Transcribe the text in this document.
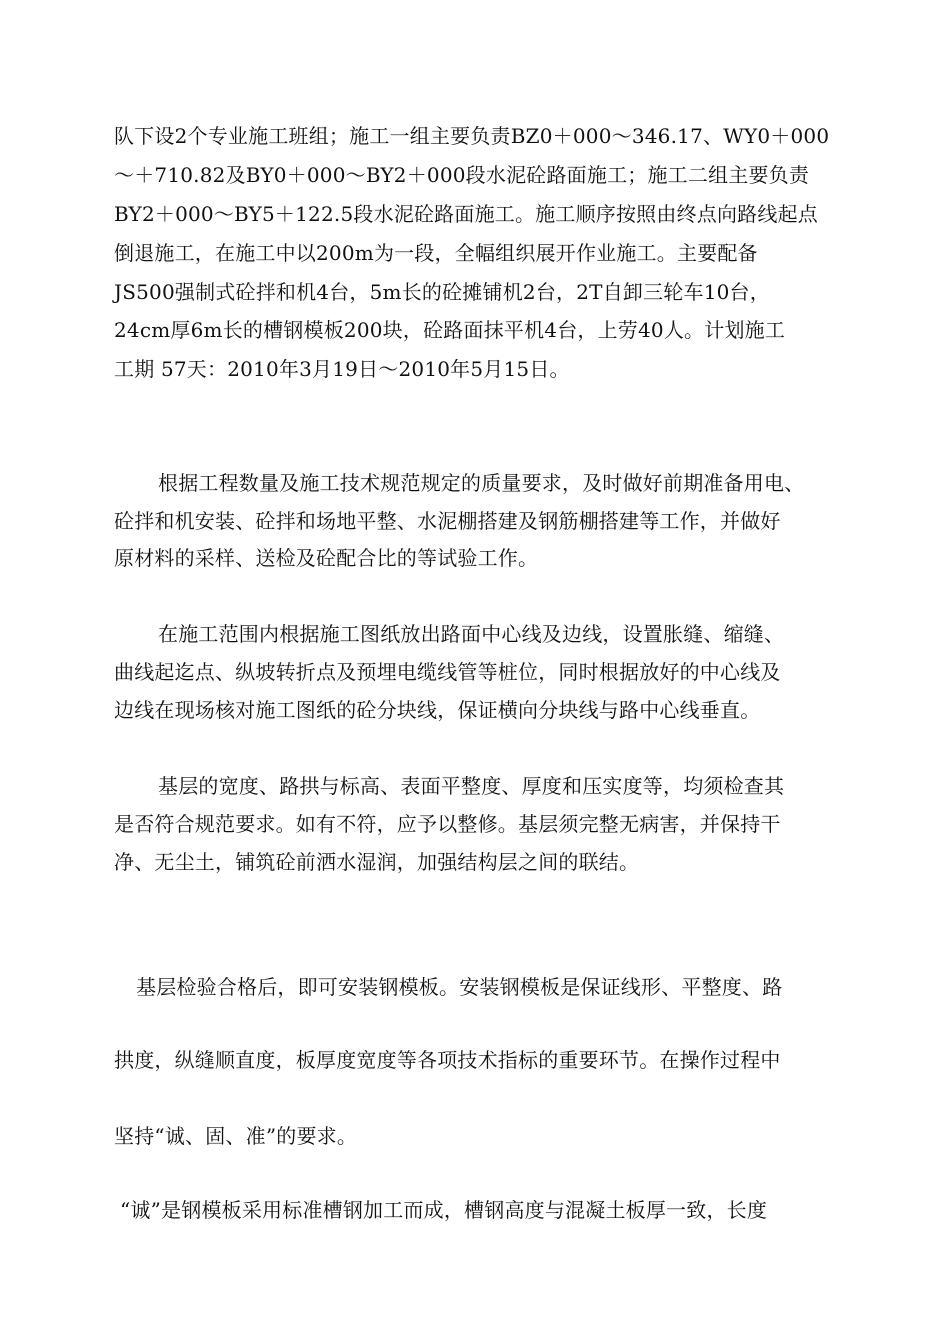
队下设2个专业施工班组；施工一组主要负责BZ0＋000～346.17、WY0＋000
～＋710.82及BY0＋000～BY2＋000段水泥砼路面施工；施工二组主要负责
BY2＋000～BY5＋122.5段水泥砼路面施工。施工顺序按照由终点向路线起点
倒退施工，在施工中以200m为一段，全幅组织展开作业施工。主要配备
JS500强制式砼拌和机4台，5m长的砼摊铺机2台，2T自卸三轮车10台，
24cm厚6m长的槽钢模板200块，砼路面抹平机4台，上劳40人。计划施工
工期 57天：2010年3月19日～2010年5月15日。
根据工程数量及施工技术规范规定的质量要求，及时做好前期准备用电、
砼拌和机安装、砼拌和场地平整、水泥棚搭建及钢筋棚搭建等工作，并做好
原材料的采样、送检及砼配合比的等试验工作。
在施工范围内根据施工图纸放出路面中心线及边线，设置胀缝、缩缝、
曲线起迄点、纵坡转折点及预埋电缆线管等桩位，同时根据放好的中心线及
边线在现场核对施工图纸的砼分块线，保证横向分块线与路中心线垂直。
基层的宽度、路拱与标高、表面平整度、厚度和压实度等，均须检查其
是否符合规范要求。如有不符，应予以整修。基层须完整无病害，并保持干
净、无尘土，铺筑砼前洒水湿润，加强结构层之间的联结。
基层检验合格后，即可安装钢模板。安装钢模板是保证线形、平整度、路
拱度，纵缝顺直度，板厚度宽度等各项技术指标的重要环节。在操作过程中
坚持“诚、固、准”的要求。
“诚”是钢模板采用标准槽钢加工而成，槽钢高度与混凝土板厚一致，长度
